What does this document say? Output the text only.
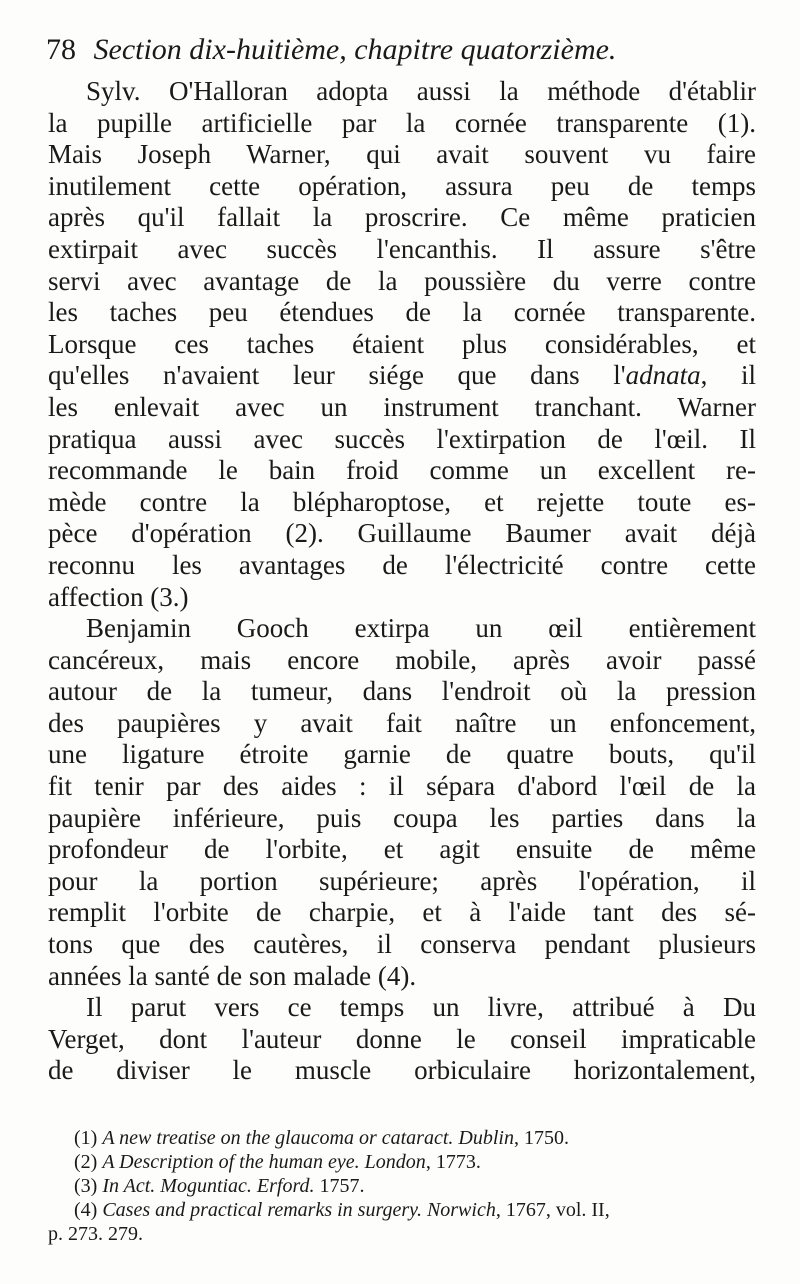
78 Section dix-huitième, chapitre quatorzième.
Sylv. O'Halloran adopta aussi la méthode d'établir
la pupille artificielle par la cornée transparente (1).
Mais Joseph Warner, qui avait souvent vu faire
inutilement cette opération, assura peu de temps
après qu'il fallait la proscrire. Ce même praticien
extirpait avec succès l'encanthis. Il assure s'être
servi avec avantage de la poussière du verre contre
les taches peu étendues de la cornée transparente.
Lorsque ces taches étaient plus considérables, et
qu'elles n'avaient leur siége que dans l'adnata, il
les enlevait avec un instrument tranchant. Warner
pratiqua aussi avec succès l'extirpation de l'œil. Il
recommande le bain froid comme un excellent re-
mède contre la blépharoptose, et rejette toute es-
pèce d'opération (2). Guillaume Baumer avait déjà
reconnu les avantages de l'électricité contre cette
affection (3.)
Benjamin Gooch extirpa un œil entièrement
cancéreux, mais encore mobile, après avoir passé
autour de la tumeur, dans l'endroit où la pression
des paupières y avait fait naître un enfoncement,
une ligature étroite garnie de quatre bouts, qu'il
fit tenir par des aides : il sépara d'abord l'œil de la
paupière inférieure, puis coupa les parties dans la
profondeur de l'orbite, et agit ensuite de même
pour la portion supérieure; après l'opération, il
remplit l'orbite de charpie, et à l'aide tant des sé-
tons que des cautères, il conserva pendant plusieurs
années la santé de son malade (4).
Il parut vers ce temps un livre, attribué à Du
Verget, dont l'auteur donne le conseil impraticable
de diviser le muscle orbiculaire horizontalement,
(1) A new treatise on the glaucoma or cataract. Dublin, 1750.
(2) A Description of the human eye. London, 1773.
(3) In Act. Moguntiac. Erford. 1757.
(4) Cases and practical remarks in surgery. Norwich, 1767, vol. II,
p. 273. 279.
